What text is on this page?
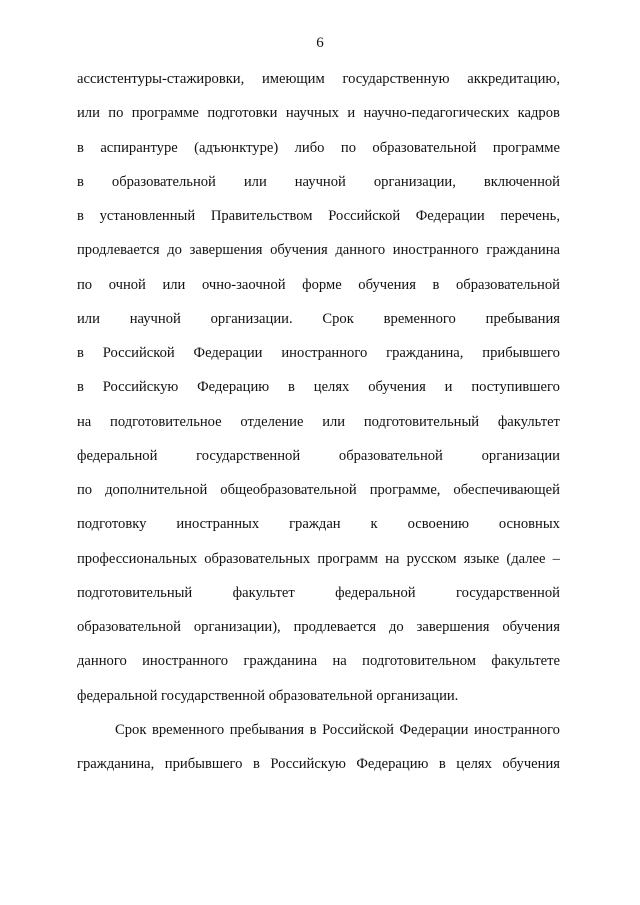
6
ассистентуры-стажировки, имеющим государственную аккредитацию,
или по программе подготовки научных и научно-педагогических кадров
в аспирантуре (адъюнктуре) либо по образовательной программе
в образовательной или научной организации, включенной
в установленный Правительством Российской Федерации перечень,
продлевается до завершения обучения данного иностранного гражданина
по очной или очно-заочной форме обучения в образовательной
или научной организации. Срок временного пребывания
в Российской Федерации иностранного гражданина, прибывшего
в Российскую Федерацию в целях обучения и поступившего
на подготовительное отделение или подготовительный факультет
федеральной	государственной	образовательной	организации
по дополнительной общеобразовательной программе, обеспечивающей
подготовку иностранных граждан к освоению основных
профессиональных образовательных программ на русском языке (далее –
подготовительный	факультет	федеральной	государственной
образовательной организации), продлевается до завершения обучения
данного иностранного гражданина на подготовительном факультете
федеральной государственной образовательной организации.
Срок временного пребывания в Российской Федерации иностранного
гражданина, прибывшего в Российскую Федерацию в целях обучения
